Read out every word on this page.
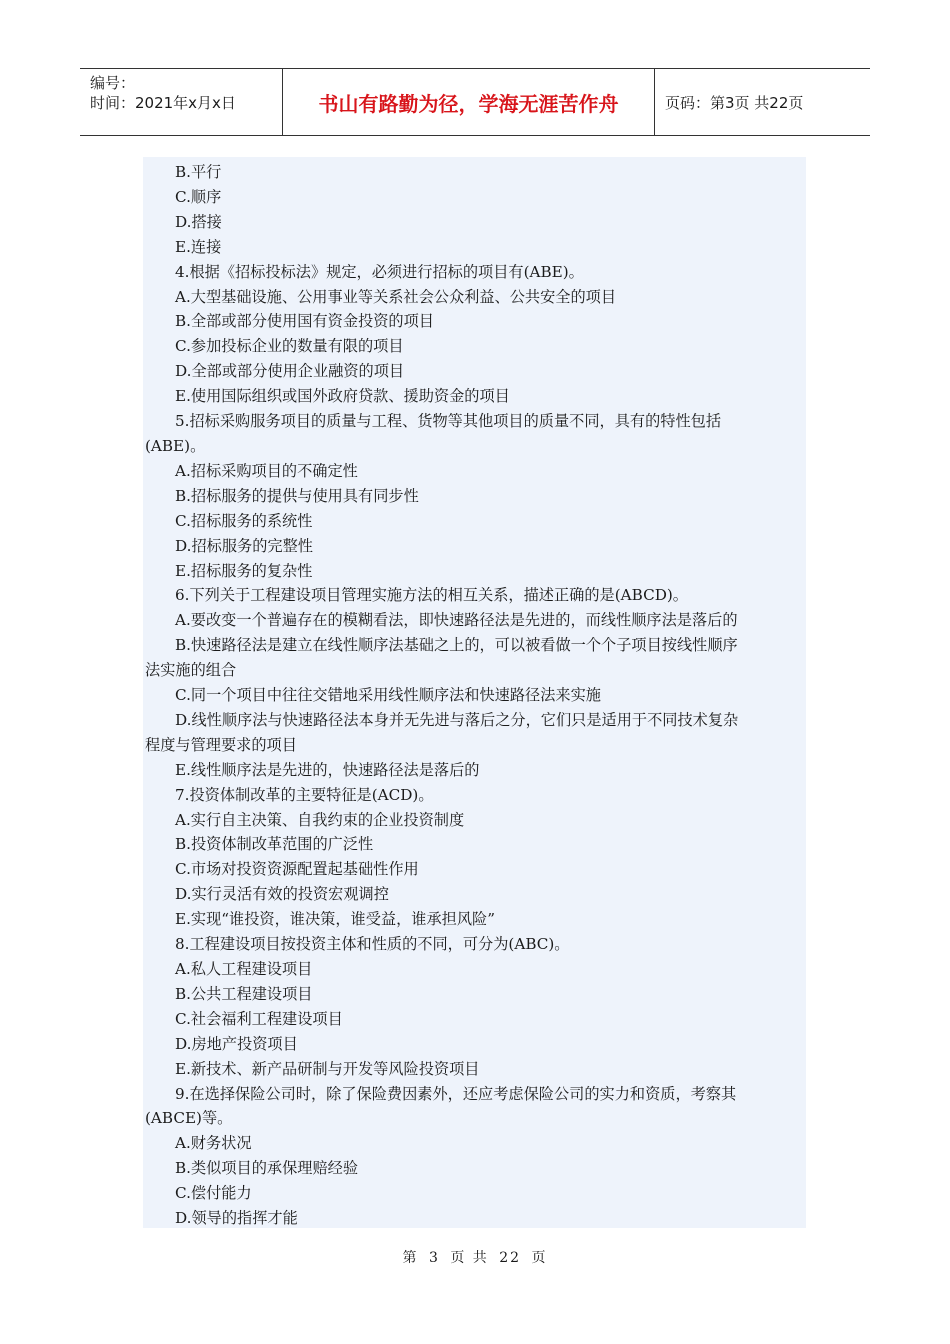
编号：
时间：2021年x月x日	书山有路勤为径，学海无涯苦作舟	页码：第3页 共22页
B.平行
C.顺序
D.搭接
E.连接
4.根据《招标投标法》规定，必须进行招标的项目有(ABE)。
A.大型基础设施、公用事业等关系社会公众利益、公共安全的项目
B.全部或部分使用国有资金投资的项目
C.参加投标企业的数量有限的项目
D.全部或部分使用企业融资的项目
E.使用国际组织或国外政府贷款、援助资金的项目
5.招标采购服务项目的质量与工程、货物等其他项目的质量不同，具有的特性包括
(ABE)。
A.招标采购项目的不确定性
B.招标服务的提供与使用具有同步性
C.招标服务的系统性
D.招标服务的完整性
E.招标服务的复杂性
6.下列关于工程建设项目管理实施方法的相互关系，描述正确的是(ABCD)。
A.要改变一个普遍存在的模糊看法，即快速路径法是先进的，而线性顺序法是落后的
B.快速路径法是建立在线性顺序法基础之上的，可以被看做一个个子项目按线性顺序
法实施的组合
C.同一个项目中往往交错地采用线性顺序法和快速路径法来实施
D.线性顺序法与快速路径法本身并无先进与落后之分，它们只是适用于不同技术复杂
程度与管理要求的项目
E.线性顺序法是先进的，快速路径法是落后的
7.投资体制改革的主要特征是(ACD)。
A.实行自主决策、自我约束的企业投资制度
B.投资体制改革范围的广泛性
C.市场对投资资源配置起基础性作用
D.实行灵活有效的投资宏观调控
E.实现“谁投资，谁决策，谁受益，谁承担风险”
8.工程建设项目按投资主体和性质的不同，可分为(ABC)。
A.私人工程建设项目
B.公共工程建设项目
C.社会福利工程建设项目
D.房地产投资项目
E.新技术、新产品研制与开发等风险投资项目
9.在选择保险公司时，除了保险费因素外，还应考虑保险公司的实力和资质，考察其
(ABCE)等。
A.财务状况
B.类似项目的承保理赔经验
C.偿付能力
D.领导的指挥才能
第 3 页 共 22 页
